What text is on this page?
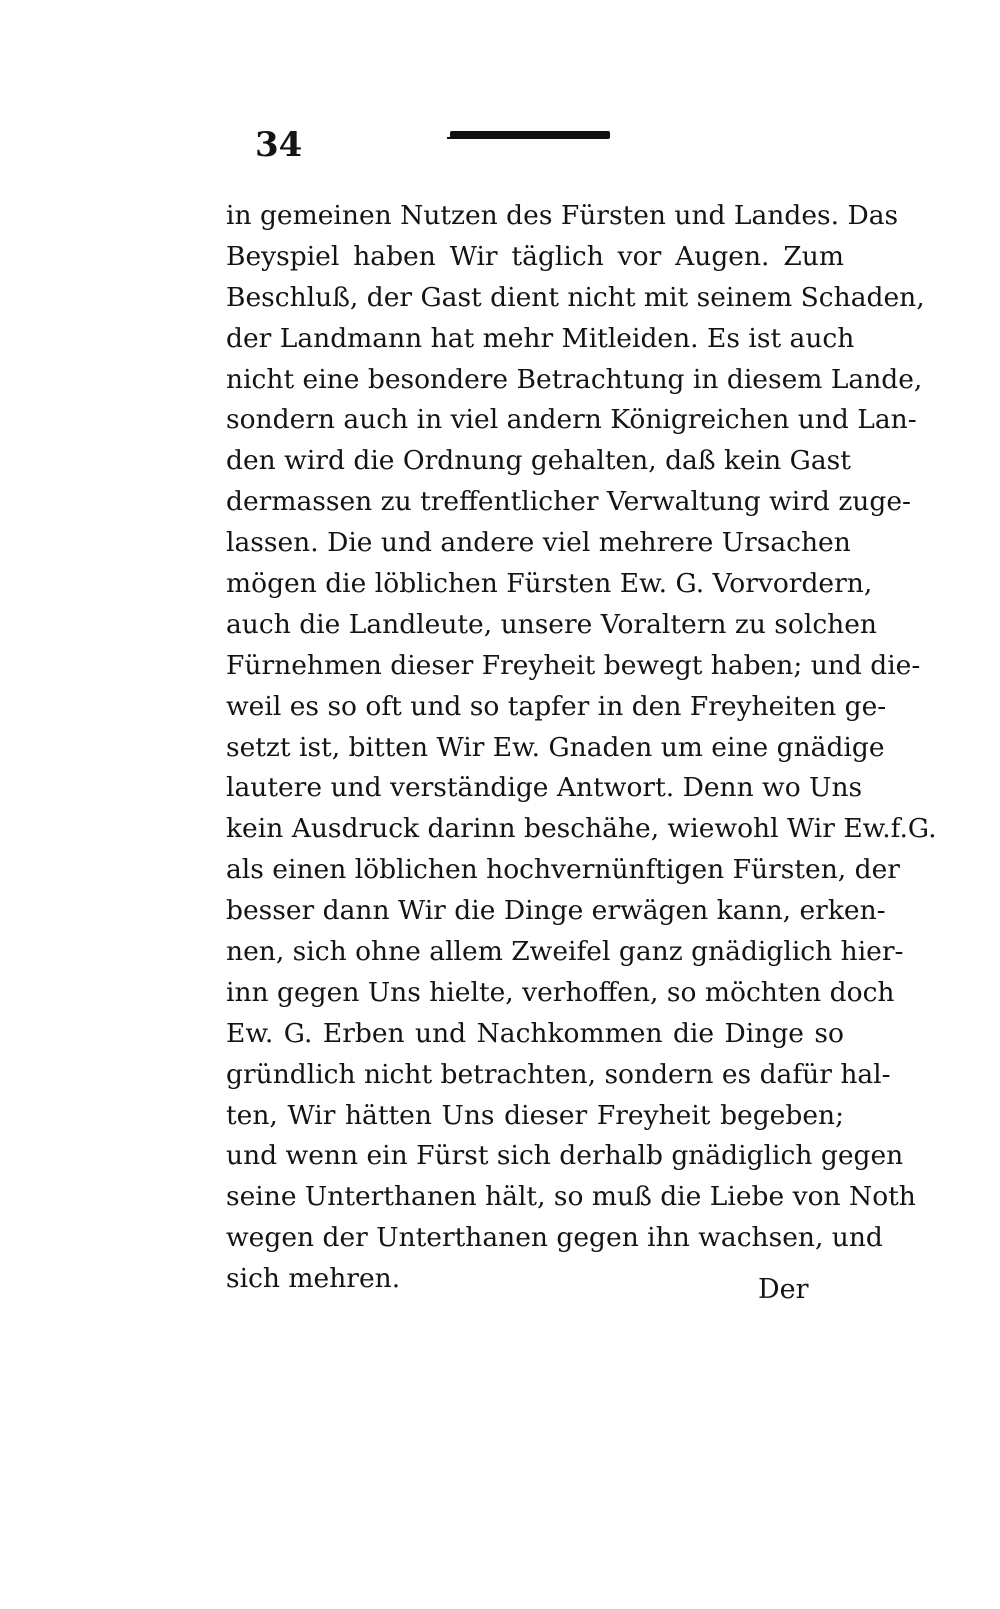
34
in gemeinen Nutzen des Fürsten und Landes. Das
Beyspiel haben Wir täglich vor Augen. Zum
Beschluß, der Gast dient nicht mit seinem Schaden,
der Landmann hat mehr Mitleiden. Es ist auch
nicht eine besondere Betrachtung in diesem Lande,
sondern auch in viel andern Königreichen und Lan-
den wird die Ordnung gehalten, daß kein Gast
dermassen zu treffentlicher Verwaltung wird zuge-
lassen. Die und andere viel mehrere Ursachen
mögen die löblichen Fürsten Ew. G. Vorvordern,
auch die Landleute, unsere Voraltern zu solchen
Fürnehmen dieser Freyheit bewegt haben; und die-
weil es so oft und so tapfer in den Freyheiten ge-
setzt ist, bitten Wir Ew. Gnaden um eine gnädige
lautere und verständige Antwort. Denn wo Uns
kein Ausdruck darinn beschähe, wiewohl Wir Ew.f.G.
als einen löblichen hochvernünftigen Fürsten, der
besser dann Wir die Dinge erwägen kann, erken-
nen, sich ohne allem Zweifel ganz gnädiglich hier-
inn gegen Uns hielte, verhoffen, so möchten doch
Ew. G. Erben und Nachkommen die Dinge so
gründlich nicht betrachten, sondern es dafür hal-
ten, Wir hätten Uns dieser Freyheit begeben;
und wenn ein Fürst sich derhalb gnädiglich gegen
seine Unterthanen hält, so muß die Liebe von Noth
wegen der Unterthanen gegen ihn wachsen, und
sich mehren.	Der
